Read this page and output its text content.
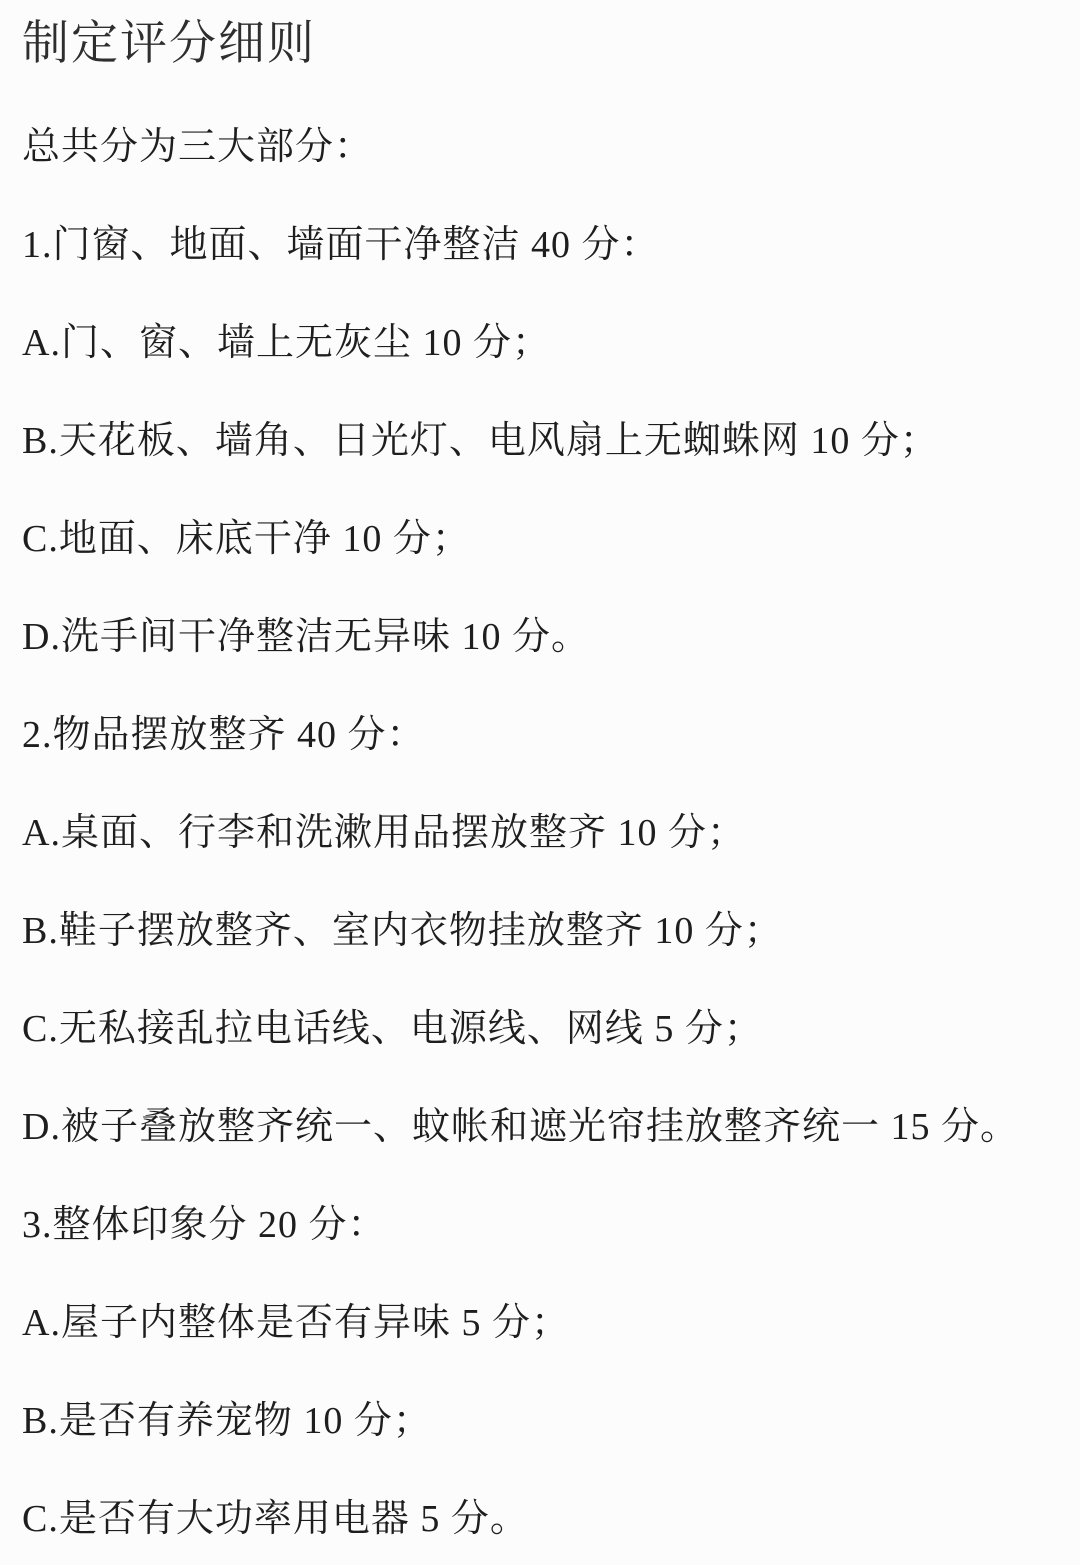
制定评分细则

总共分为三大部分：

1.门窗、地面、墙面干净整洁 40 分：

A.门、窗、墙上无灰尘 10 分；

B.天花板、墙角、日光灯、电风扇上无蜘蛛网 10 分；

C.地面、床底干净 10 分；

D.洗手间干净整洁无异味 10 分。

2.物品摆放整齐 40 分：

A.桌面、行李和洗漱用品摆放整齐 10 分；

B.鞋子摆放整齐、室内衣物挂放整齐 10 分；

C.无私接乱拉电话线、电源线、网线 5 分；

D.被子叠放整齐统一、蚊帐和遮光帘挂放整齐统一 15 分。

3.整体印象分 20 分：

A.屋子内整体是否有异味 5 分；

B.是否有养宠物 10 分；

C.是否有大功率用电器 5 分。
